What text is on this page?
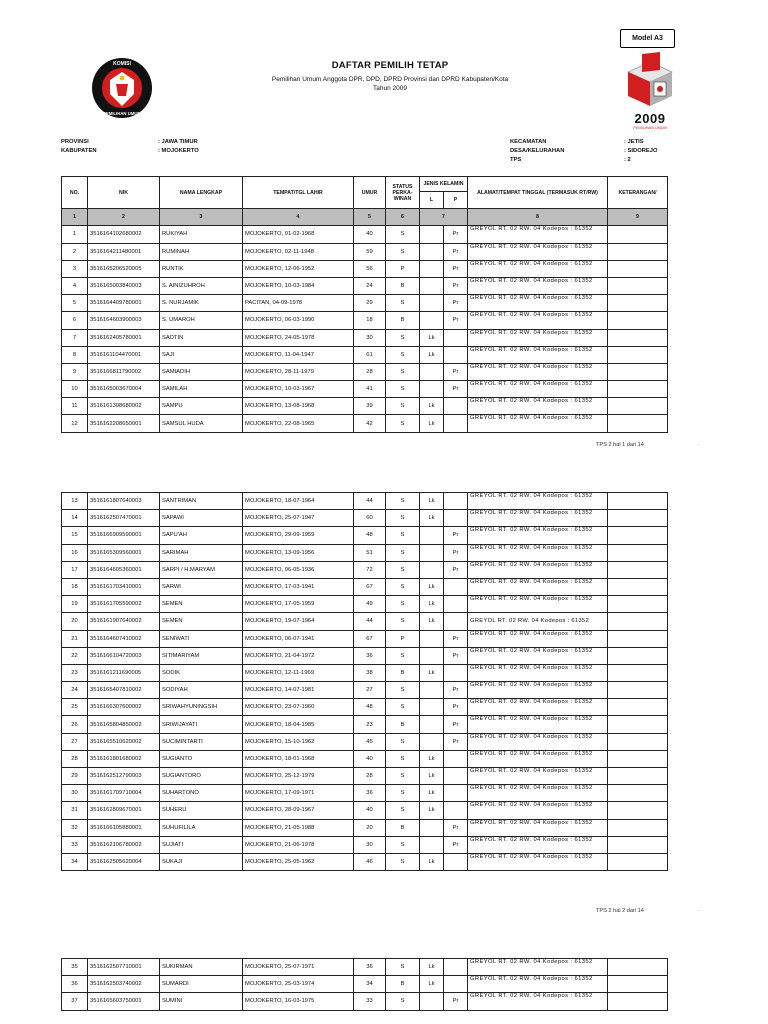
Model A3
KOMISI
PEMILIHAN UMUM
DAFTAR PEMILIH TETAP
Pemilihan Umum Anggota DPR, DPD, DPRD Provinsi dan DPRD Kabupaten/Kota
Tahun 2009
2009
PEMILIHAN UMUM
PROVINSI	: JAWA TIMUR
KABUPATEN	: MOJOKERTO
KECAMATAN	: JETIS
DESA/KELURAHAN	: SIDOREJO
TPS	: 2
NO.	NIK	NAMA LENGKAP	TEMPAT/TGL LAHIR	UMUR	STATUS PERKA-WINAN	JENIS KELAMIN		ALAMAT/TEMPAT TINGGAL (TERMASUK RT/RW)	KETERANGAN/
						L	P		
1	2	3	4	5	6	7		8	9
1	3516164102680002	RUKIYAH	MOJOKERTO, 01-02-1968	40	S		Pr	GREYOL RT. 02 RW. 04 Kodepos : 61352	
2	3516164211480001	RUMINAH	MOJOKERTO, 02-11-1948	59	S		Pr	GREYOL RT. 02 RW. 04 Kodepos : 61352	
3	3516165206520005	RUNTIK	MOJOKERTO, 12-06-1952	56	P		Pr	GREYOL RT. 02 RW. 04 Kodepos : 61352	
4	3516165003840003	S. AINIZUHROH	MOJOKERTO, 10-03-1984	24	B		Pr	GREYOL RT. 02 RW. 04 Kodepos : 61352	
5	3516164409780001	S. NURJAMIK	PACITAN, 04-09-1978	29	S		Pr	GREYOL RT. 02 RW. 04 Kodepos : 61352	
6	3516164603900003	S. UMAROH	MOJOKERTO, 06-03-1990	18	B		Pr	GREYOL RT. 02 RW. 04 Kodepos : 61352	
7	3516162405780001	SADTIN	MOJOKERTO, 24-05-1978	30	S	Lk		GREYOL RT. 02 RW. 04 Kodepos : 61352	
8	3516161104470001	SAJI	MOJOKERTO, 11-04-1947	61	S	Lk		GREYOL RT. 02 RW. 04 Kodepos : 61352	
9	3516166811790002	SAMIADIH	MOJOKERTO, 28-11-1979	28	S		Pr	GREYOL RT. 02 RW. 04 Kodepos : 61352	
10	3516165003670004	SAMILAH	MOJOKERTO, 10-03-1967	41	S		Pr	GREYOL RT. 02 RW. 04 Kodepos : 61352	
11	3516161308680002	SAMPU	MOJOKERTO, 13-08-1968	39	S	Lk		GREYOL RT. 02 RW. 04 Kodepos : 61352	
12	3516162208650001	SAMSUL HUDA	MOJOKERTO, 22-08-1965	42	S	Lk		GREYOL RT. 02 RW. 04 Kodepos : 61352	
TPS 2 hal 1 dari 14	.
13	3516161807640003	SANTRIMAN	MOJOKERTO, 18-07-1964	44	S	Lk		GREYOL RT. 02 RW. 04 Kodepos : 61352	
14	3516162507470001	SAPAWI	MOJOKERTO, 25-07-1947	60	S	Lk		GREYOL RT. 02 RW. 04 Kodepos : 61352	
15	3516166909590001	SAPU'AH	MOJOKERTO, 29-09-1959	48	S		Pr	GREYOL RT. 02 RW. 04 Kodepos : 61352	
16	3516165309560001	SARIMAH	MOJOKERTO, 13-09-1956	51	S		Pr	GREYOL RT. 02 RW. 04 Kodepos : 61352	
17	3516164605360001	SARPI / H.MARYAM	MOJOKERTO, 06-05-1936	72	S		Pr	GREYOL RT. 02 RW. 04 Kodepos : 61352	
18	3516161703410001	SARWI	MOJOKERTO, 17-03-1941	67	S	Lk		GREYOL RT. 02 RW. 04 Kodepos : 61352	
19	3516161705590002	SEMEN	MOJOKERTO, 17-05-1959	49	S	Lk		GREYOL RT. 02 RW. 04 Kodepos : 61352	
20	3516161907640002	SEMEN	MOJOKERTO, 19-07-1964	44	S	Lk		GREYOL RT. 02 RW. 04 Kodepos : 61352	
21	3516164607410002	SENIWATI	MOJOKERTO, 06-07-1941	67	P		Pr	GREYOL RT. 02 RW. 04 Kodepos : 61352	
22	3516166104720003	SITIMARIYAM	MOJOKERTO, 21-04-1972	36	S		Pr	GREYOL RT. 02 RW. 04 Kodepos : 61352	
23	3516161211690005	SODIK	MOJOKERTO, 12-11-1969	38	B	Lk		GREYOL RT. 02 RW. 04 Kodepos : 61352	
24	3516165407810002	SODIYAH	MOJOKERTO, 14-07-1981	27	S		Pr	GREYOL RT. 02 RW. 04 Kodepos : 61352	
25	3516166307600002	SRIWAHYUNINGSIH	MOJOKERTO, 23-07-1960	48	S		Pr	GREYOL RT. 02 RW. 04 Kodepos : 61352	
26	3516165804850002	SRIWIJAYATI	MOJOKERTO, 18-04-1985	23	B		Pr	GREYOL RT. 02 RW. 04 Kodepos : 61352	
27	3516165510620002	SUCIMINTARTI	MOJOKERTO, 15-10-1962	45	S		Pr	GREYOL RT. 02 RW. 04 Kodepos : 61352	
28	3516161801680002	SUGIANTO	MOJOKERTO, 18-01-1968	40	S	Lk		GREYOL RT. 02 RW. 04 Kodepos : 61352	
29	3516162512790003	SUGIANTORO	MOJOKERTO, 25-12-1979	28	S	Lk		GREYOL RT. 02 RW. 04 Kodepos : 61352	
30	3516161709710004	SUHARTONO	MOJOKERTO, 17-09-1971	36	S	Lk		GREYOL RT. 02 RW. 04 Kodepos : 61352	
31	3516162809670001	SUHERU	MOJOKERTO, 28-09-1967	40	S	Lk		GREYOL RT. 02 RW. 04 Kodepos : 61352	
32	3516166105880001	SUHUFILILA	MOJOKERTO, 21-05-1988	20	B		Pr	GREYOL RT. 02 RW. 04 Kodepos : 61352	
33	3516162106780002	SUJIATI	MOJOKERTO, 21-06-1978	30	S		Pr	GREYOL RT. 02 RW. 04 Kodepos : 61352	
34	3516162505620004	SUKAJI	MOJOKERTO, 25-05-1962	46	S	Lk		GREYOL RT. 02 RW. 04 Kodepos : 61352	
TPS 2 hal 2 dari 14	.
35	3516162507710001	SUKIRMAN	MOJOKERTO, 25-07-1971	36	S	Lk		GREYOL RT. 02 RW. 04 Kodepos : 61352	
36	3516162503740002	SUMARDI	MOJOKERTO, 25-03-1974	34	B	Lk		GREYOL RT. 02 RW. 04 Kodepos : 61352	
37	3516165603750001	SUMINI	MOJOKERTO, 16-03-1975	33	S		Pr	GREYOL RT. 02 RW. 04 Kodepos : 61352	
